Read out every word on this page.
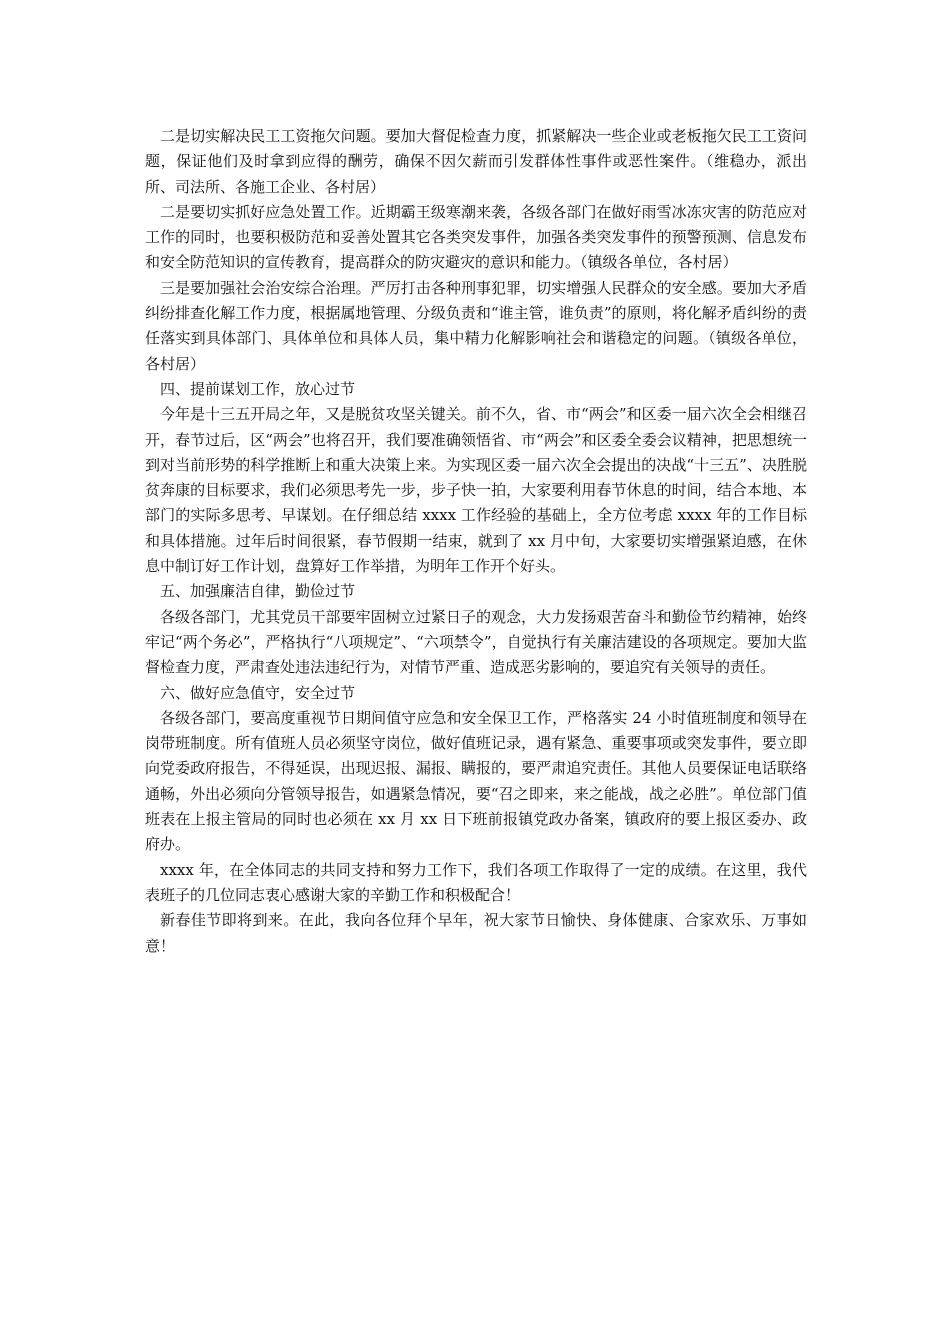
二是切实解决民工工资拖欠问题。要加大督促检查力度，抓紧解决一些企业或老板拖欠民工工资问题，保证他们及时拿到应得的酬劳，确保不因欠薪而引发群体性事件或恶性案件。（维稳办，派出所、司法所、各施工企业、各村居）

二是要切实抓好应急处置工作。近期霸王级寒潮来袭，各级各部门在做好雨雪冰冻灾害的防范应对工作的同时，也要积极防范和妥善处置其它各类突发事件，加强各类突发事件的预警预测、信息发布和安全防范知识的宣传教育，提高群众的防灾避灾的意识和能力。（镇级各单位，各村居）

三是要加强社会治安综合治理。严厉打击各种刑事犯罪，切实增强人民群众的安全感。要加大矛盾纠纷排查化解工作力度，根据属地管理、分级负责和“谁主管，谁负责”的原则，将化解矛盾纠纷的责任落实到具体部门、具体单位和具体人员，集中精力化解影响社会和谐稳定的问题。（镇级各单位，各村居）

四、提前谋划工作，放心过节

今年是十三五开局之年，又是脱贫攻坚关键关。前不久，省、市“两会”和区委一届六次全会相继召开，春节过后，区“两会”也将召开，我们要准确领悟省、市“两会”和区委全委会议精神，把思想统一到对当前形势的科学推断上和重大决策上来。为实现区委一届六次全会提出的决战“十三五”、决胜脱贫奔康的目标要求，我们必须思考先一步，步子快一拍，大家要利用春节休息的时间，结合本地、本部门的实际多思考、早谋划。在仔细总结 xxxx 工作经验的基础上，全方位考虑 xxxx 年的工作目标和具体措施。过年后时间很紧，春节假期一结束，就到了 xx 月中旬，大家要切实增强紧迫感，在休息中制订好工作计划，盘算好工作举措，为明年工作开个好头。

五、加强廉洁自律，勤俭过节

各级各部门，尤其党员干部要牢固树立过紧日子的观念，大力发扬艰苦奋斗和勤俭节约精神，始终牢记“两个务必”，严格执行“八项规定”、“六项禁令”，自觉执行有关廉洁建设的各项规定。要加大监督检查力度，严肃查处违法违纪行为，对情节严重、造成恶劣影响的，要追究有关领导的责任。

六、做好应急值守，安全过节

各级各部门，要高度重视节日期间值守应急和安全保卫工作，严格落实 24 小时值班制度和领导在岗带班制度。所有值班人员必须坚守岗位，做好值班记录，遇有紧急、重要事项或突发事件，要立即向党委政府报告，不得延误，出现迟报、漏报、瞒报的，要严肃追究责任。其他人员要保证电话联络通畅，外出必须向分管领导报告，如遇紧急情况，要“召之即来，来之能战，战之必胜”。单位部门值班表在上报主管局的同时也必须在 xx 月 xx 日下班前报镇党政办备案，镇政府的要上报区委办、政府办。

xxxx 年，在全体同志的共同支持和努力工作下，我们各项工作取得了一定的成绩。在这里，我代表班子的几位同志衷心感谢大家的辛勤工作和积极配合！

新春佳节即将到来。在此，我向各位拜个早年，祝大家节日愉快、身体健康、合家欢乐、万事如意！
